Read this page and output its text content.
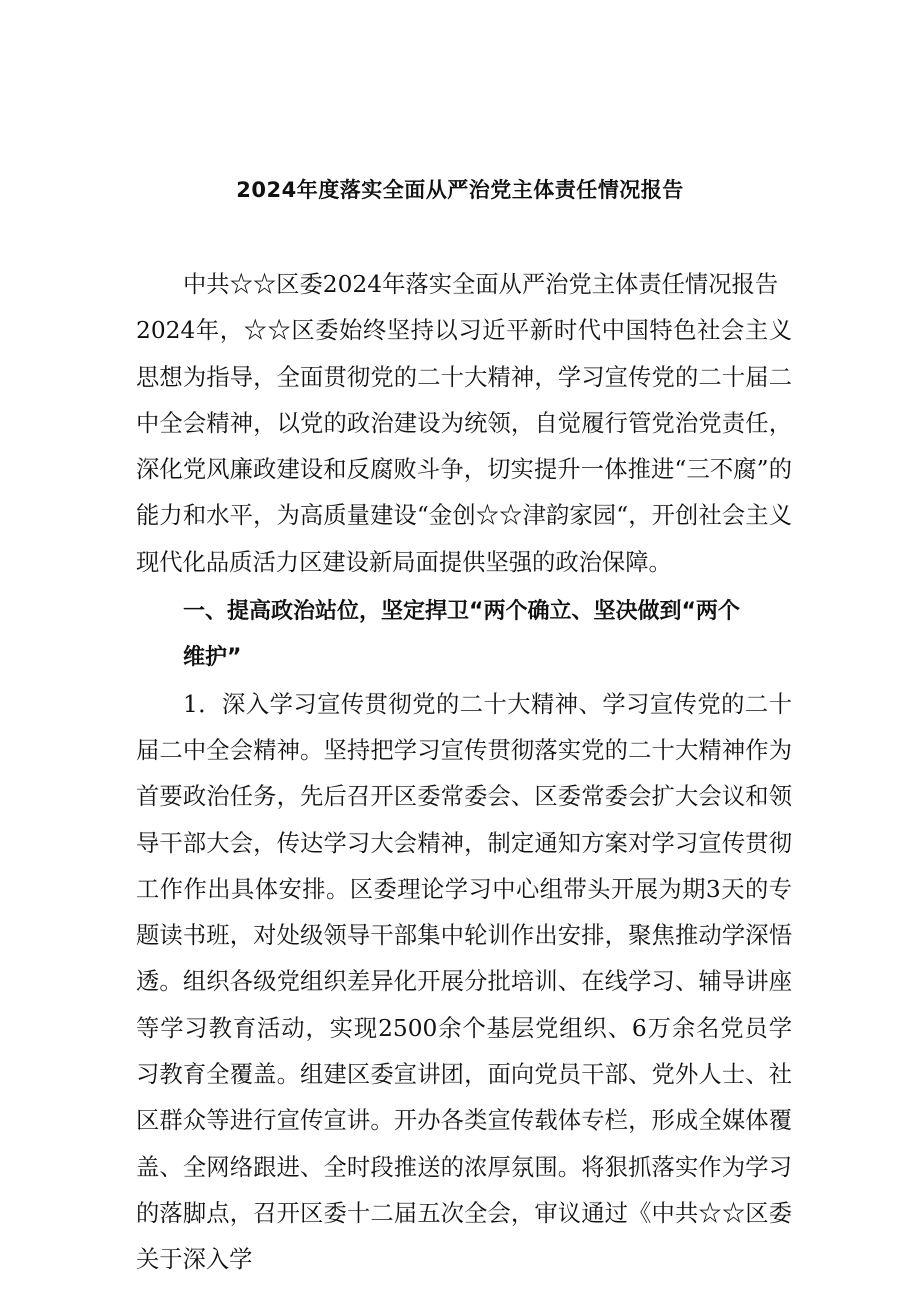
2024年度落实全面从严治党主体责任情况报告

中共☆☆区委2024年落实全面从严治党主体责任情况报告

2024年，☆☆区委始终坚持以习近平新时代中国特色社会主义思想为指导，全面贯彻党的二十大精神，学习宣传党的二十届二中全会精神，以党的政治建设为统领，自觉履行管党治党责任，深化党风廉政建设和反腐败斗争，切实提升一体推进“三不腐”的能力和水平，为高质量建设“金创☆☆津韵家园“，开创社会主义现代化品质活力区建设新局面提供坚强的政治保障。

一、提高政治站位，坚定捍卫“两个确立、坚决做到“两个
维护”

1．深入学习宣传贯彻党的二十大精神、学习宣传党的二十届二中全会精神。坚持把学习宣传贯彻落实党的二十大精神作为首要政治任务，先后召开区委常委会、区委常委会扩大会议和领导干部大会，传达学习大会精神，制定通知方案对学习宣传贯彻工作作出具体安排。区委理论学习中心组带头开展为期3天的专题读书班，对处级领导干部集中轮训作出安排，聚焦推动学深悟透。组织各级党组织差异化开展分批培训、在线学习、辅导讲座等学习教育活动，实现2500余个基层党组织、6万余名党员学习教育全覆盖。组建区委宣讲团，面向党员干部、党外人士、社区群众等进行宣传宣讲。开办各类宣传载体专栏，形成全媒体覆盖、全网络跟进、全时段推送的浓厚氛围。将狠抓落实作为学习的落脚点，召开区委十二届五次全会，审议通过《中共☆☆区委关于深入学
